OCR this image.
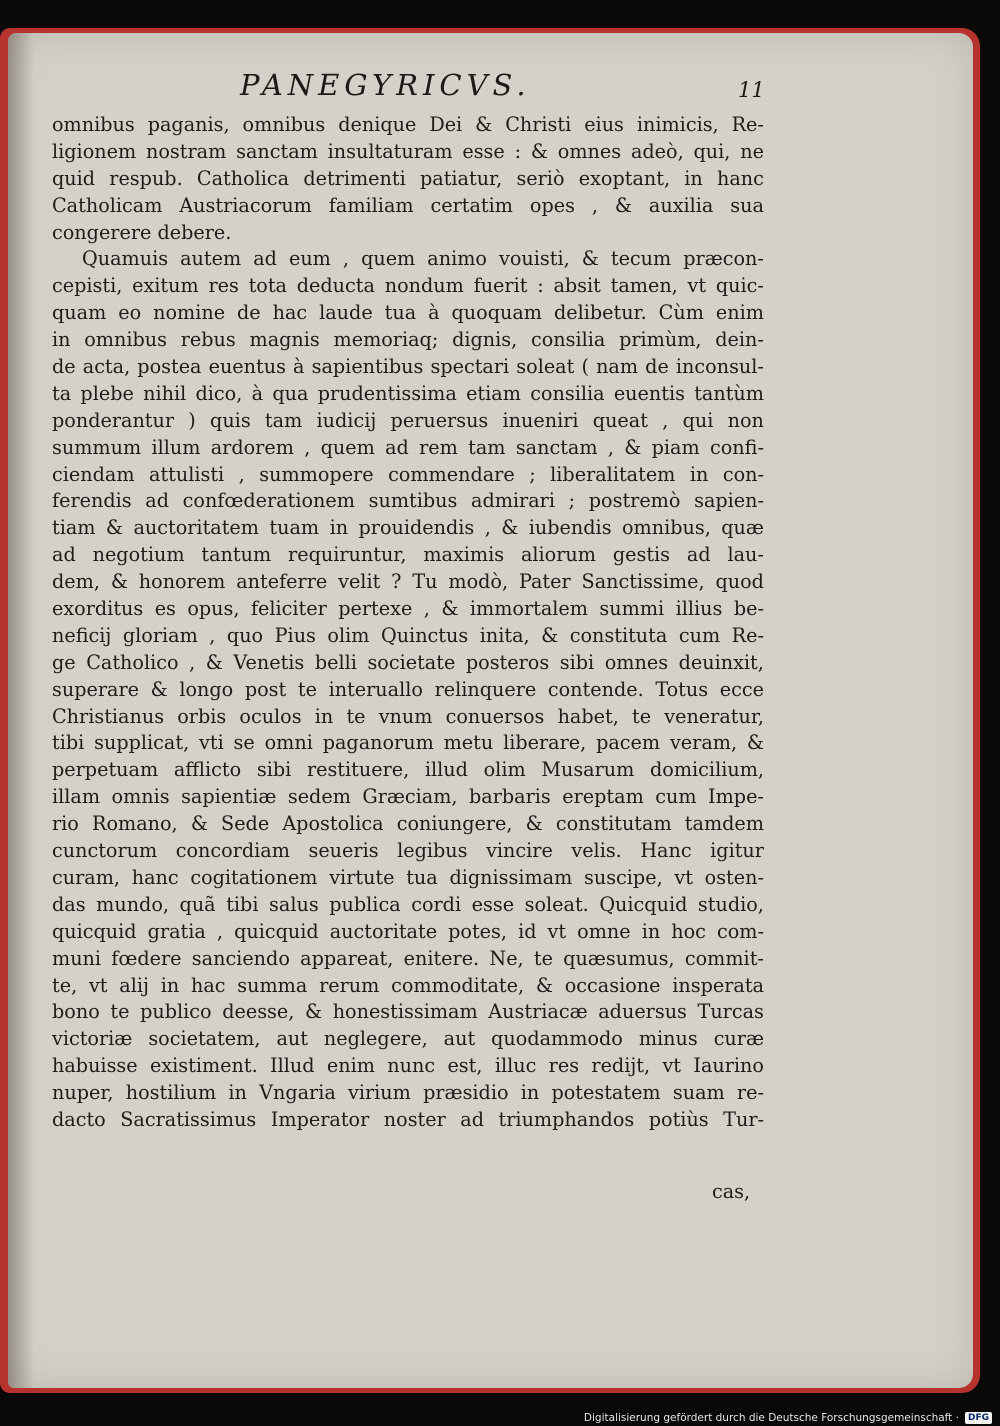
PANEGYRICVS.	11
omnibus paganis, omnibus denique Dei & Christi eius inimicis, Re-
ligionem nostram sanctam insultaturam esse : & omnes adeò, qui, ne
quid respub. Catholica detrimenti patiatur, seriò exoptant, in hanc
Catholicam Austriacorum familiam certatim opes , & auxilia sua
congerere debere.
Quamuis autem ad eum , quem animo vouisti, & tecum præcon-
cepisti, exitum res tota deducta nondum fuerit : absit tamen, vt quic-
quam eo nomine de hac laude tua à quoquam delibetur. Cùm enim
in omnibus rebus magnis memoriaq; dignis, consilia primùm, dein-
de acta, postea euentus à sapientibus spectari soleat ( nam de inconsul-
ta plebe nihil dico, à qua prudentissima etiam consilia euentis tantùm
ponderantur ) quis tam iudicij peruersus inueniri queat , qui non
summum illum ardorem , quem ad rem tam sanctam , & piam confi-
ciendam attulisti , summopere commendare ; liberalitatem in con-
ferendis ad confœderationem sumtibus admirari ; postremò sapien-
tiam & auctoritatem tuam in prouidendis , & iubendis omnibus, quæ
ad negotium tantum requiruntur, maximis aliorum gestis ad lau-
dem, & honorem anteferre velit ? Tu modò, Pater Sanctissime, quod
exorditus es opus, feliciter pertexe , & immortalem summi illius be-
neficij gloriam , quo Pius olim Quinctus inita, & constituta cum Re-
ge Catholico , & Venetis belli societate posteros sibi omnes deuinxit,
superare & longo post te interuallo relinquere contende. Totus ecce
Christianus orbis oculos in te vnum conuersos habet, te veneratur,
tibi supplicat, vti se omni paganorum metu liberare, pacem veram, &
perpetuam afflicto sibi restituere, illud olim Musarum domicilium,
illam omnis sapientiæ sedem Græciam, barbaris ereptam cum Impe-
rio Romano, & Sede Apostolica coniungere, & constitutam tamdem
cunctorum concordiam seueris legibus vincire velis. Hanc igitur
curam, hanc cogitationem virtute tua dignissimam suscipe, vt osten-
das mundo, quã tibi salus publica cordi esse soleat. Quicquid studio,
quicquid gratia , quicquid auctoritate potes, id vt omne in hoc com-
muni fœdere sanciendo appareat, enitere. Ne, te quæsumus, commit-
te, vt alij in hac summa rerum commoditate, & occasione insperata
bono te publico deesse, & honestissimam Austriacæ aduersus Turcas
victoriæ societatem, aut neglegere, aut quodammodo minus curæ
habuisse existiment. Illud enim nunc est, illuc res redijt, vt Iaurino
nuper, hostilium in Vngaria virium præsidio in potestatem suam re-
dacto Sacratissimus Imperator noster ad triumphandos potiùs Tur-
cas,
Digitalisierung gefördert durch die Deutsche Forschungsgemeinschaft ·	DFG
